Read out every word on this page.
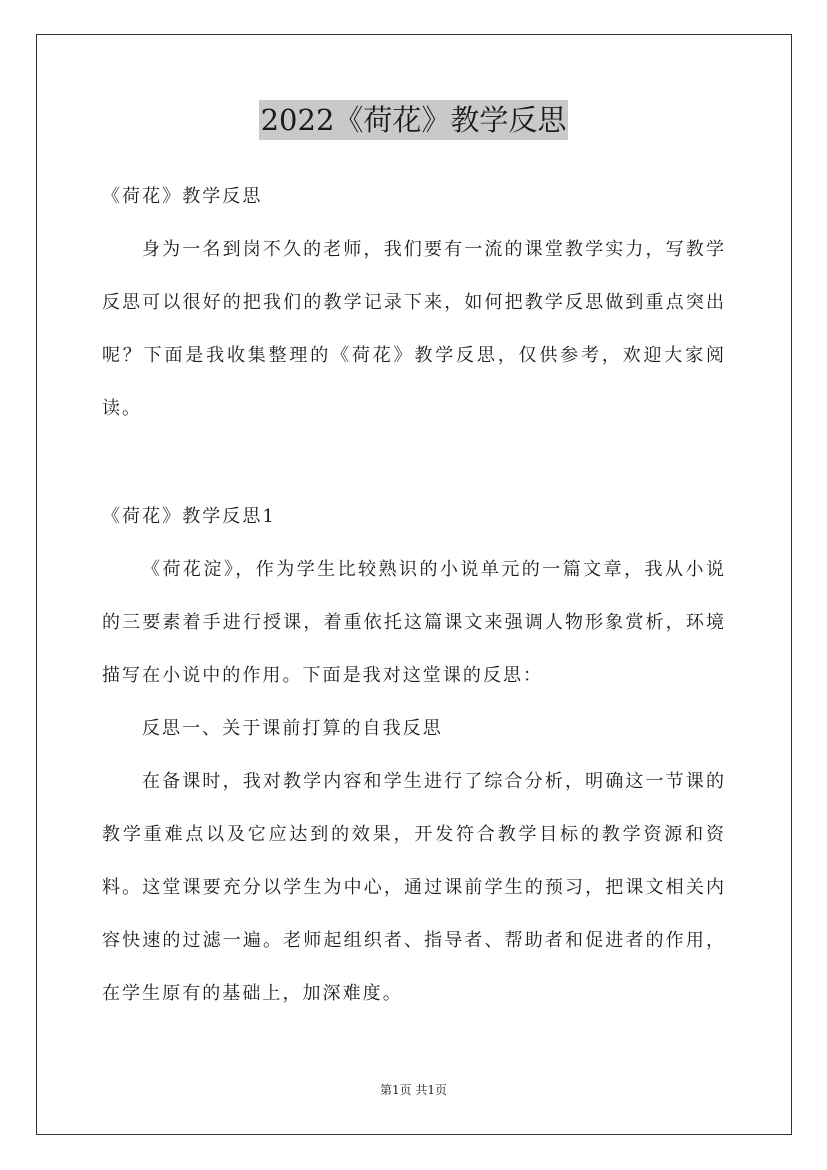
2022《荷花》教学反思

《荷花》教学反思

身为一名到岗不久的老师，我们要有一流的课堂教学实力，写教学反思可以很好的把我们的教学记录下来，如何把教学反思做到重点突出呢？下面是我收集整理的《荷花》教学反思，仅供参考，欢迎大家阅读。

《荷花》教学反思1

《荷花淀》，作为学生比较熟识的小说单元的一篇文章，我从小说的三要素着手进行授课，着重依托这篇课文来强调人物形象赏析，环境描写在小说中的作用。下面是我对这堂课的反思：

反思一、关于课前打算的自我反思

在备课时，我对教学内容和学生进行了综合分析，明确这一节课的教学重难点以及它应达到的效果，开发符合教学目标的教学资源和资料。这堂课要充分以学生为中心，通过课前学生的预习，把课文相关内容快速的过滤一遍。老师起组织者、指导者、帮助者和促进者的作用，在学生原有的基础上，加深难度。

第1页 共1页
